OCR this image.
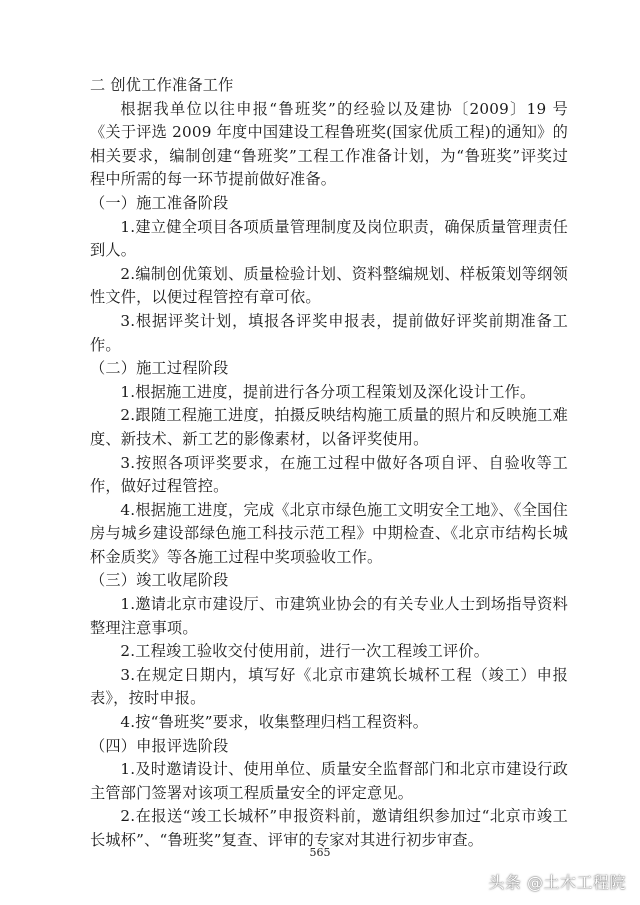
二 创优工作准备工作

根据我单位以往申报“鲁班奖”的经验以及建协〔2009〕19 号《关于评选 2009 年度中国建设工程鲁班奖(国家优质工程)的通知》的相关要求，编制创建“鲁班奖”工程工作准备计划，为“鲁班奖”评奖过程中所需的每一环节提前做好准备。

（一）施工准备阶段

1.建立健全项目各项质量管理制度及岗位职责，确保质量管理责任到人。

2.编制创优策划、质量检验计划、资料整编规划、样板策划等纲领性文件，以便过程管控有章可依。

3.根据评奖计划，填报各评奖申报表，提前做好评奖前期准备工作。

（二）施工过程阶段

1.根据施工进度，提前进行各分项工程策划及深化设计工作。

2.跟随工程施工进度，拍摄反映结构施工质量的照片和反映施工难度、新技术、新工艺的影像素材，以备评奖使用。

3.按照各项评奖要求，在施工过程中做好各项自评、自验收等工作，做好过程管控。

4.根据施工进度，完成《北京市绿色施工文明安全工地》、《全国住房与城乡建设部绿色施工科技示范工程》中期检查、《北京市结构长城杯金质奖》等各施工过程中奖项验收工作。

（三）竣工收尾阶段

1.邀请北京市建设厅、市建筑业协会的有关专业人士到场指导资料整理注意事项。

2.工程竣工验收交付使用前，进行一次工程竣工评价。

3.在规定日期内，填写好《北京市建筑长城杯工程（竣工）申报表》，按时申报。

4.按“鲁班奖”要求，收集整理归档工程资料。

（四）申报评选阶段

1.及时邀请设计、使用单位、质量安全监督部门和北京市建设行政主管部门签署对该项工程质量安全的评定意见。

2.在报送“竣工长城杯”申报资料前，邀请组织参加过“北京市竣工长城杯”、“鲁班奖”复查、评审的专家对其进行初步审查。

565
头条 @土木工程院
